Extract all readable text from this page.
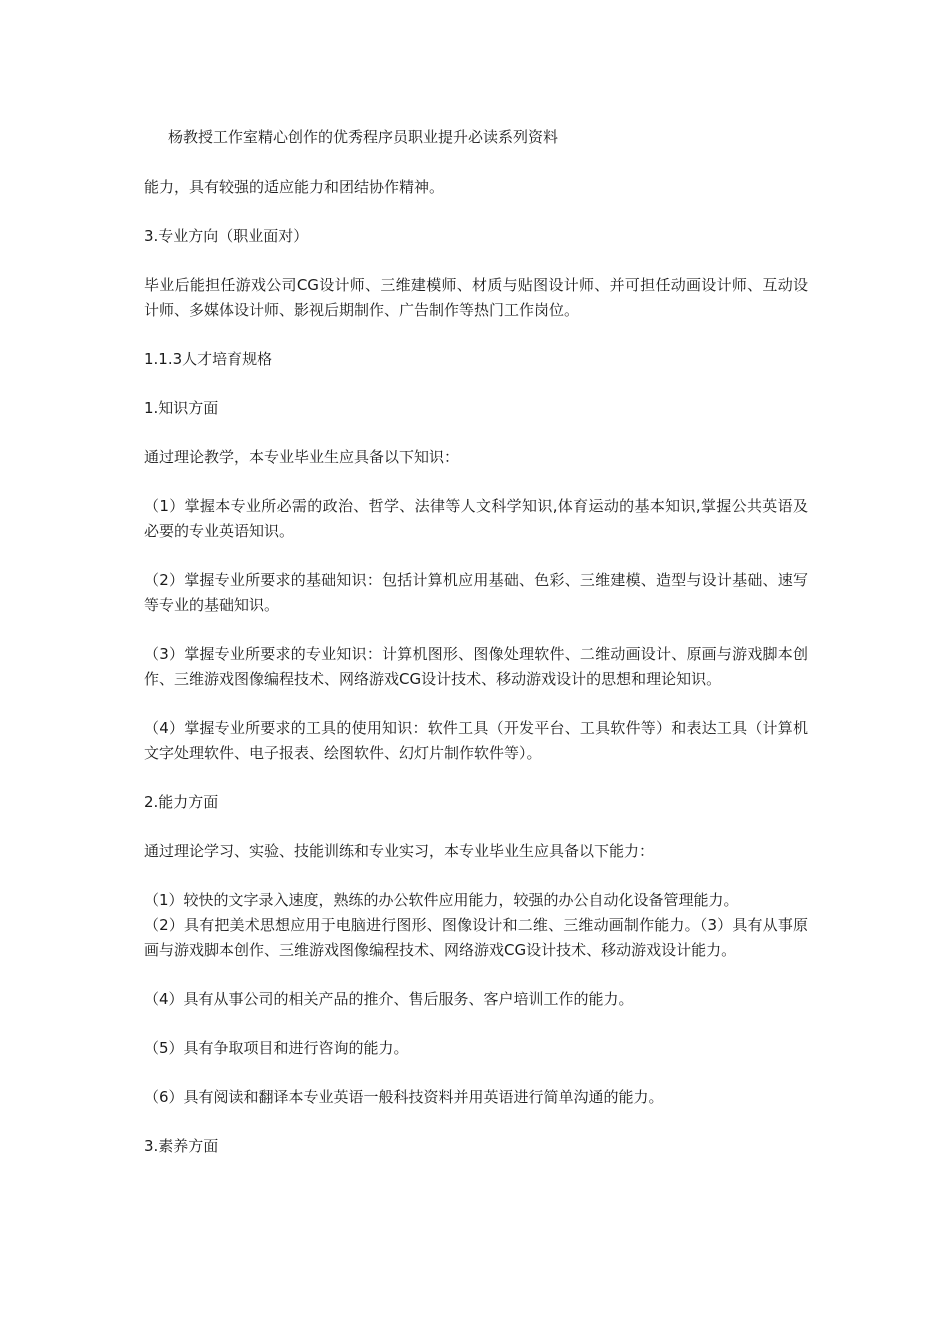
杨教授工作室精心创作的优秀程序员职业提升必读系列资料

能力，具有较强的适应能力和团结协作精神。

3.专业方向（职业面对）

毕业后能担任游戏公司CG设计师、三维建模师、材质与贴图设计师、并可担任动画设计师、互动设计师、多媒体设计师、影视后期制作、广告制作等热门工作岗位。

1.1.3人才培育规格

1.知识方面

通过理论教学，本专业毕业生应具备以下知识：

（1）掌握本专业所必需的政治、哲学、法律等人文科学知识,体育运动的基本知识,掌握公共英语及必要的专业英语知识。

（2）掌握专业所要求的基础知识：包括计算机应用基础、色彩、三维建模、造型与设计基础、速写等专业的基础知识。

（3）掌握专业所要求的专业知识：计算机图形、图像处理软件、二维动画设计、原画与游戏脚本创作、三维游戏图像编程技术、网络游戏CG设计技术、移动游戏设计的思想和理论知识。

（4）掌握专业所要求的工具的使用知识：软件工具（开发平台、工具软件等）和表达工具（计算机文字处理软件、电子报表、绘图软件、幻灯片制作软件等）。

2.能力方面

通过理论学习、实验、技能训练和专业实习，本专业毕业生应具备以下能力：

（1）较快的文字录入速度，熟练的办公软件应用能力，较强的办公自动化设备管理能力。

（2）具有把美术思想应用于电脑进行图形、图像设计和二维、三维动画制作能力。（3）具有从事原画与游戏脚本创作、三维游戏图像编程技术、网络游戏CG设计技术、移动游戏设计能力。

（4）具有从事公司的相关产品的推介、售后服务、客户培训工作的能力。

（5）具有争取项目和进行咨询的能力。

（6）具有阅读和翻译本专业英语一般科技资料并用英语进行简单沟通的能力。

3.素养方面
